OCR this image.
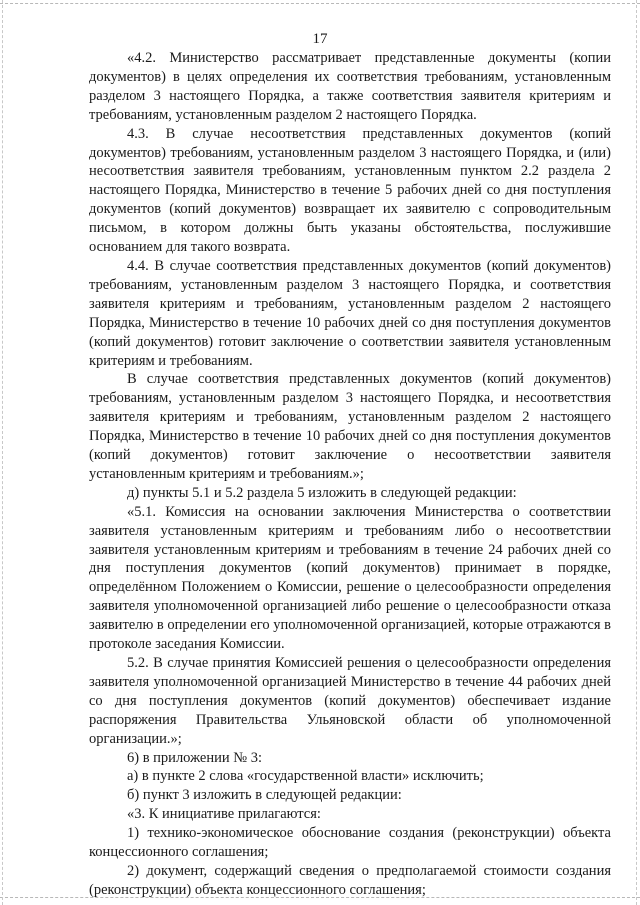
17

«4.2. Министерство рассматривает представленные документы (копии документов) в целях определения их соответствия требованиям, установленным разделом 3 настоящего Порядка, а также соответствия заявителя критериям и требованиям, установленным разделом 2 настоящего Порядка.

4.3. В случае несоответствия представленных документов (копий документов) требованиям, установленным разделом 3 настоящего Порядка, и (или) несоответствия заявителя требованиям, установленным пунктом 2.2 раздела 2 настоящего Порядка, Министерство в течение 5 рабочих дней со дня поступления документов (копий документов) возвращает их заявителю с сопроводительным письмом, в котором должны быть указаны обстоятельства, послужившие основанием для такого возврата.

4.4. В случае соответствия представленных документов (копий документов) требованиям, установленным разделом 3 настоящего Порядка, и соответствия заявителя критериям и требованиям, установленным разделом 2 настоящего Порядка, Министерство в течение 10 рабочих дней со дня поступления документов (копий документов) готовит заключение о соответствии заявителя установленным критериям и требованиям.

В случае соответствия представленных документов (копий документов) требованиям, установленным разделом 3 настоящего Порядка, и несоответствия заявителя критериям и требованиям, установленным разделом 2 настоящего Порядка, Министерство в течение 10 рабочих дней со дня поступления документов (копий документов) готовит заключение о несоответствии заявителя установленным критериям и требованиям.»;

д) пункты 5.1 и 5.2 раздела 5 изложить в следующей редакции:

«5.1. Комиссия на основании заключения Министерства о соответствии заявителя установленным критериям и требованиям либо о несоответствии заявителя установленным критериям и требованиям в течение 24 рабочих дней со дня поступления документов (копий документов) принимает в порядке, определённом Положением о Комиссии, решение о целесообразности определения заявителя уполномоченной организацией либо решение о целесообразности отказа заявителю в определении его уполномоченной организацией, которые отражаются в протоколе заседания Комиссии.

5.2. В случае принятия Комиссией решения о целесообразности определения заявителя уполномоченной организацией Министерство в течение 44 рабочих дней со дня поступления документов (копий документов) обеспечивает издание распоряжения Правительства Ульяновской области об уполномоченной организации.»;

6) в приложении № 3:

а) в пункте 2 слова «государственной власти» исключить;

б) пункт 3 изложить в следующей редакции:

«3. К инициативе прилагаются:

1) технико-экономическое обоснование создания (реконструкции) объекта концессионного соглашения;

2) документ, содержащий сведения о предполагаемой стоимости создания (реконструкции) объекта концессионного соглашения;
